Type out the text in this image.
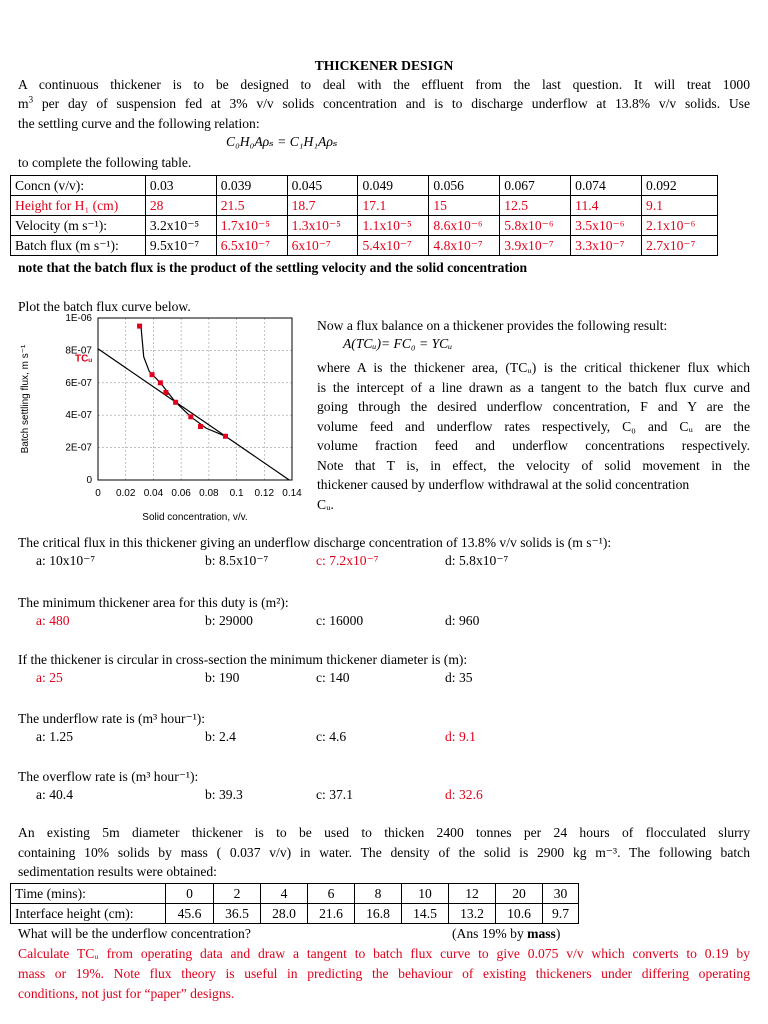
THICKENER DESIGN
A continuous thickener is to be designed to deal with the effluent from the last question. It will treat 1000
$m^3$ per day of suspension fed at 3% v/v solids concentration and is to discharge underflow at 13.8% v/v solids. Use
the settling curve and the following relation:
C₀H₀Aρₛ = C₁H₁Aρₛ
to complete the following table.
Concn (v/v):	0.03	0.039	0.045	0.049	0.056	0.067	0.074	0.092
Height for H₁ (cm)	28	21.5	18.7	17.1	15	12.5	11.4	9.1
Velocity (m s⁻¹):	3.2x10⁻⁵	1.7x10⁻⁵	1.3x10⁻⁵	1.1x10⁻⁵	8.6x10⁻⁶	5.8x10⁻⁶	3.5x10⁻⁶	2.1x10⁻⁶
Batch flux (m s⁻¹):	9.5x10⁻⁷	6.5x10⁻⁷	6x10⁻⁷	5.4x10⁻⁷	4.8x10⁻⁷	3.9x10⁻⁷	3.3x10⁻⁷	2.7x10⁻⁷
note that the batch flux is the product of the settling velocity and the solid concentration
Plot the batch flux curve below.
0
2E-07
4E-07
6E-07
8E-07
1E-06
0 0.02 0.04 0.06 0.08 0.1 0.12 0.14
Solid concentration, v/v.
Batch settling flux, m s⁻¹	TCᵤ
Now a flux balance on a thickener provides the following result:
A(TCᵤ)= FC₀ = YCᵤ
where A is the thickener area, (TCᵤ) is the critical thickener flux which
is the intercept of a line drawn as a tangent to the batch flux curve and
going through the desired underflow concentration, F and Y are the
volume feed and underflow rates respectively, C₀ and Cᵤ are the
volume fraction feed and underflow concentrations respectively.
Note that T is, in effect, the velocity of solid movement in the
thickener caused by underflow withdrawal at the solid concentration
Cᵤ.
The critical flux in this thickener giving an underflow discharge concentration of 13.8% v/v solids is (m s⁻¹):
a: 10x10⁻⁷	b: 8.5x10⁻⁷	c: 7.2x10⁻⁷	d: 5.8x10⁻⁷
The minimum thickener area for this duty is (m²):
a: 480	b: 29000	c: 16000	d: 960
If the thickener is circular in cross-section the minimum thickener diameter is (m):
a: 25	b: 190	c: 140	d: 35
The underflow rate is (m³ hour⁻¹):
a: 1.25	b: 2.4	c: 4.6	d: 9.1
The overflow rate is (m³ hour⁻¹):
a: 40.4	b: 39.3	c: 37.1	d: 32.6
An existing 5m diameter thickener is to be used to thicken 2400 tonnes per 24 hours of flocculated slurry
containing 10% solids by mass ( 0.037 v/v) in water. The density of the solid is 2900 kg m⁻³. The following batch
sedimentation results were obtained:
Time (mins):	0	2	4	6	8	10	12	20	30
Interface height (cm):	45.6	36.5	28.0	21.6	16.8	14.5	13.2	10.6	9.7
What will be the underflow concentration?	(Ans 19% by mass)
Calculate TCᵤ from operating data and draw a tangent to batch flux curve to give 0.075 v/v which converts to 0.19 by
mass or 19%. Note flux theory is useful in predicting the behaviour of existing thickeners under differing operating
conditions, not just for “paper” designs.
